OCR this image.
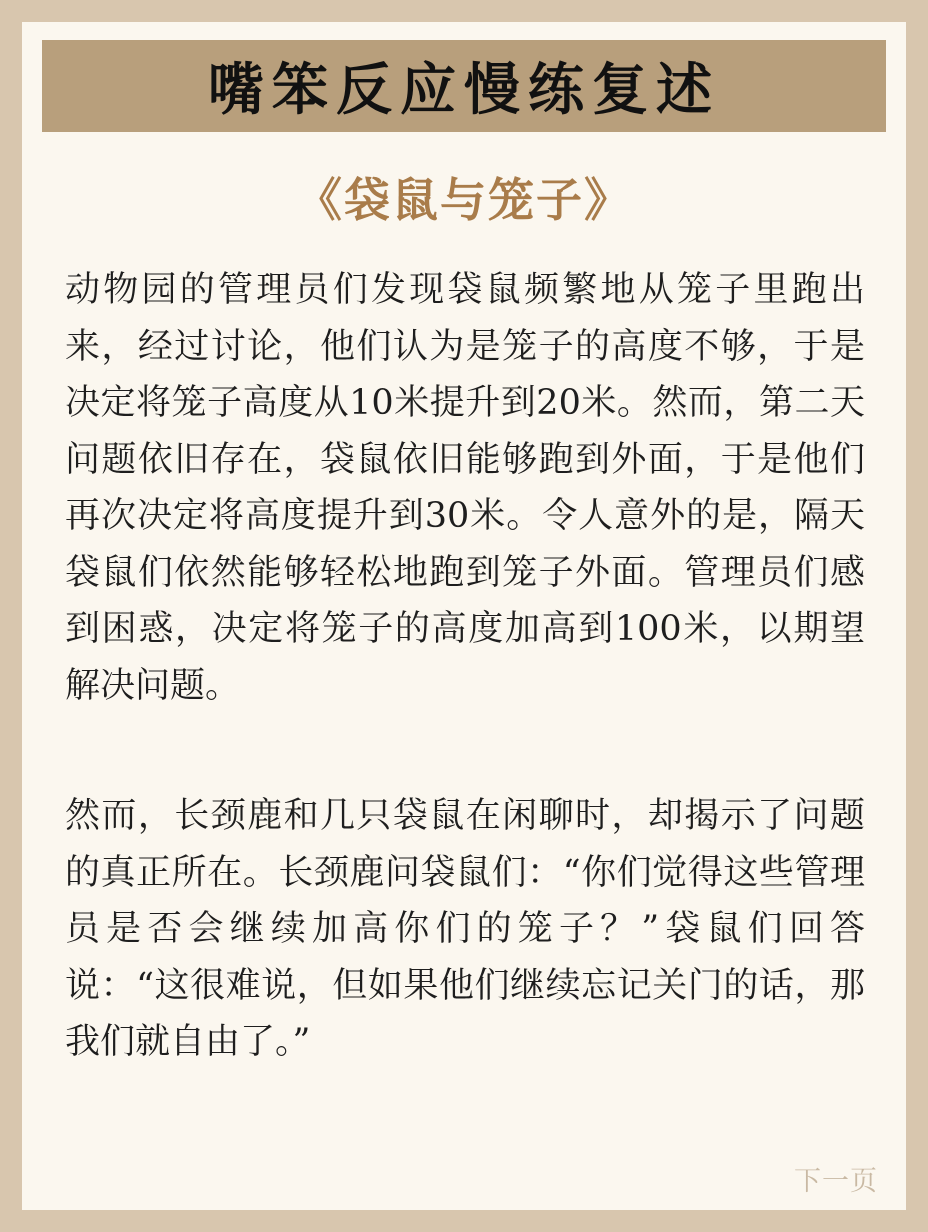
嘴笨反应慢练复述
《袋鼠与笼子》

动物园的管理员们发现袋鼠频繁地从笼子里跑出来，经过讨论，他们认为是笼子的高度不够，于是决定将笼子高度从10米提升到20米。然而，第二天问题依旧存在，袋鼠依旧能够跑到外面，于是他们再次决定将高度提升到30米。令人意外的是，隔天袋鼠们依然能够轻松地跑到笼子外面。管理员们感到困惑，决定将笼子的高度加高到100米，以期望解决问题。

然而，长颈鹿和几只袋鼠在闲聊时，却揭示了问题的真正所在。长颈鹿问袋鼠们：“你们觉得这些管理员是否会继续加高你们的笼子？”袋鼠们回答说：“这很难说，但如果他们继续忘记关门的话，那我们就自由了。”

下一页
